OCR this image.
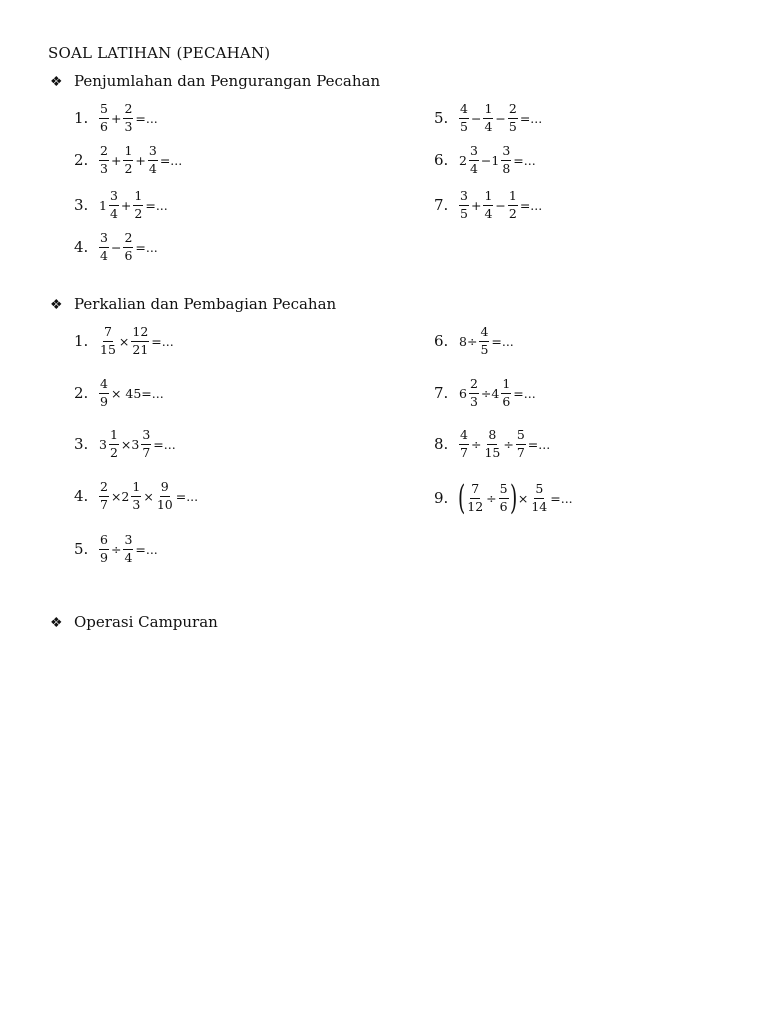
SOAL LATIHAN (PECAHAN)
❖ Penjumlahan dan Pengurangan Pecahan
❖ Perkalian dan Pembagian Pecahan
❖ Operasi Campuran
1. $\frac{5}{6} + \frac{2}{3}$ =...
2. $\frac{2}{3} + \frac{1}{2} + \frac{3}{4}$ =...
3. $1 \frac{3}{4} + \frac{1}{2}$ =...
4. $\frac{3}{4} - \frac{2}{6}$ =...
5. $\frac{4}{5} - \frac{1}{4} - \frac{2}{5}$ =...
6. $2 \frac{3}{4} -1 \frac{3}{8}$ =...
7. $\frac{3}{5} + \frac{1}{4} - \frac{1}{2}$ =...
1. $\frac{7}{15} \times \frac{12}{21}$ =...
2. $\frac{4}{9} \times 45=$...
3. $3 \frac{1}{2} \times 3 \frac{3}{7}$ =...
4. $\frac{2}{7} \times 2 \frac{1}{3} \times \frac{9}{10}$ =...
5. $\frac{6}{9} \div \frac{3}{4}$ =...
6. $8\div \frac{4}{5}$ =...
7. $6 \frac{2}{3} \div 4 \frac{1}{6}$ =...
8. $\frac{4}{7} \div \frac{8}{15} \div \frac{5}{7}$ =...
9. ( $\frac{7}{12} \div \frac{5}{6}$ ) × $\frac{5}{14}$ =...
